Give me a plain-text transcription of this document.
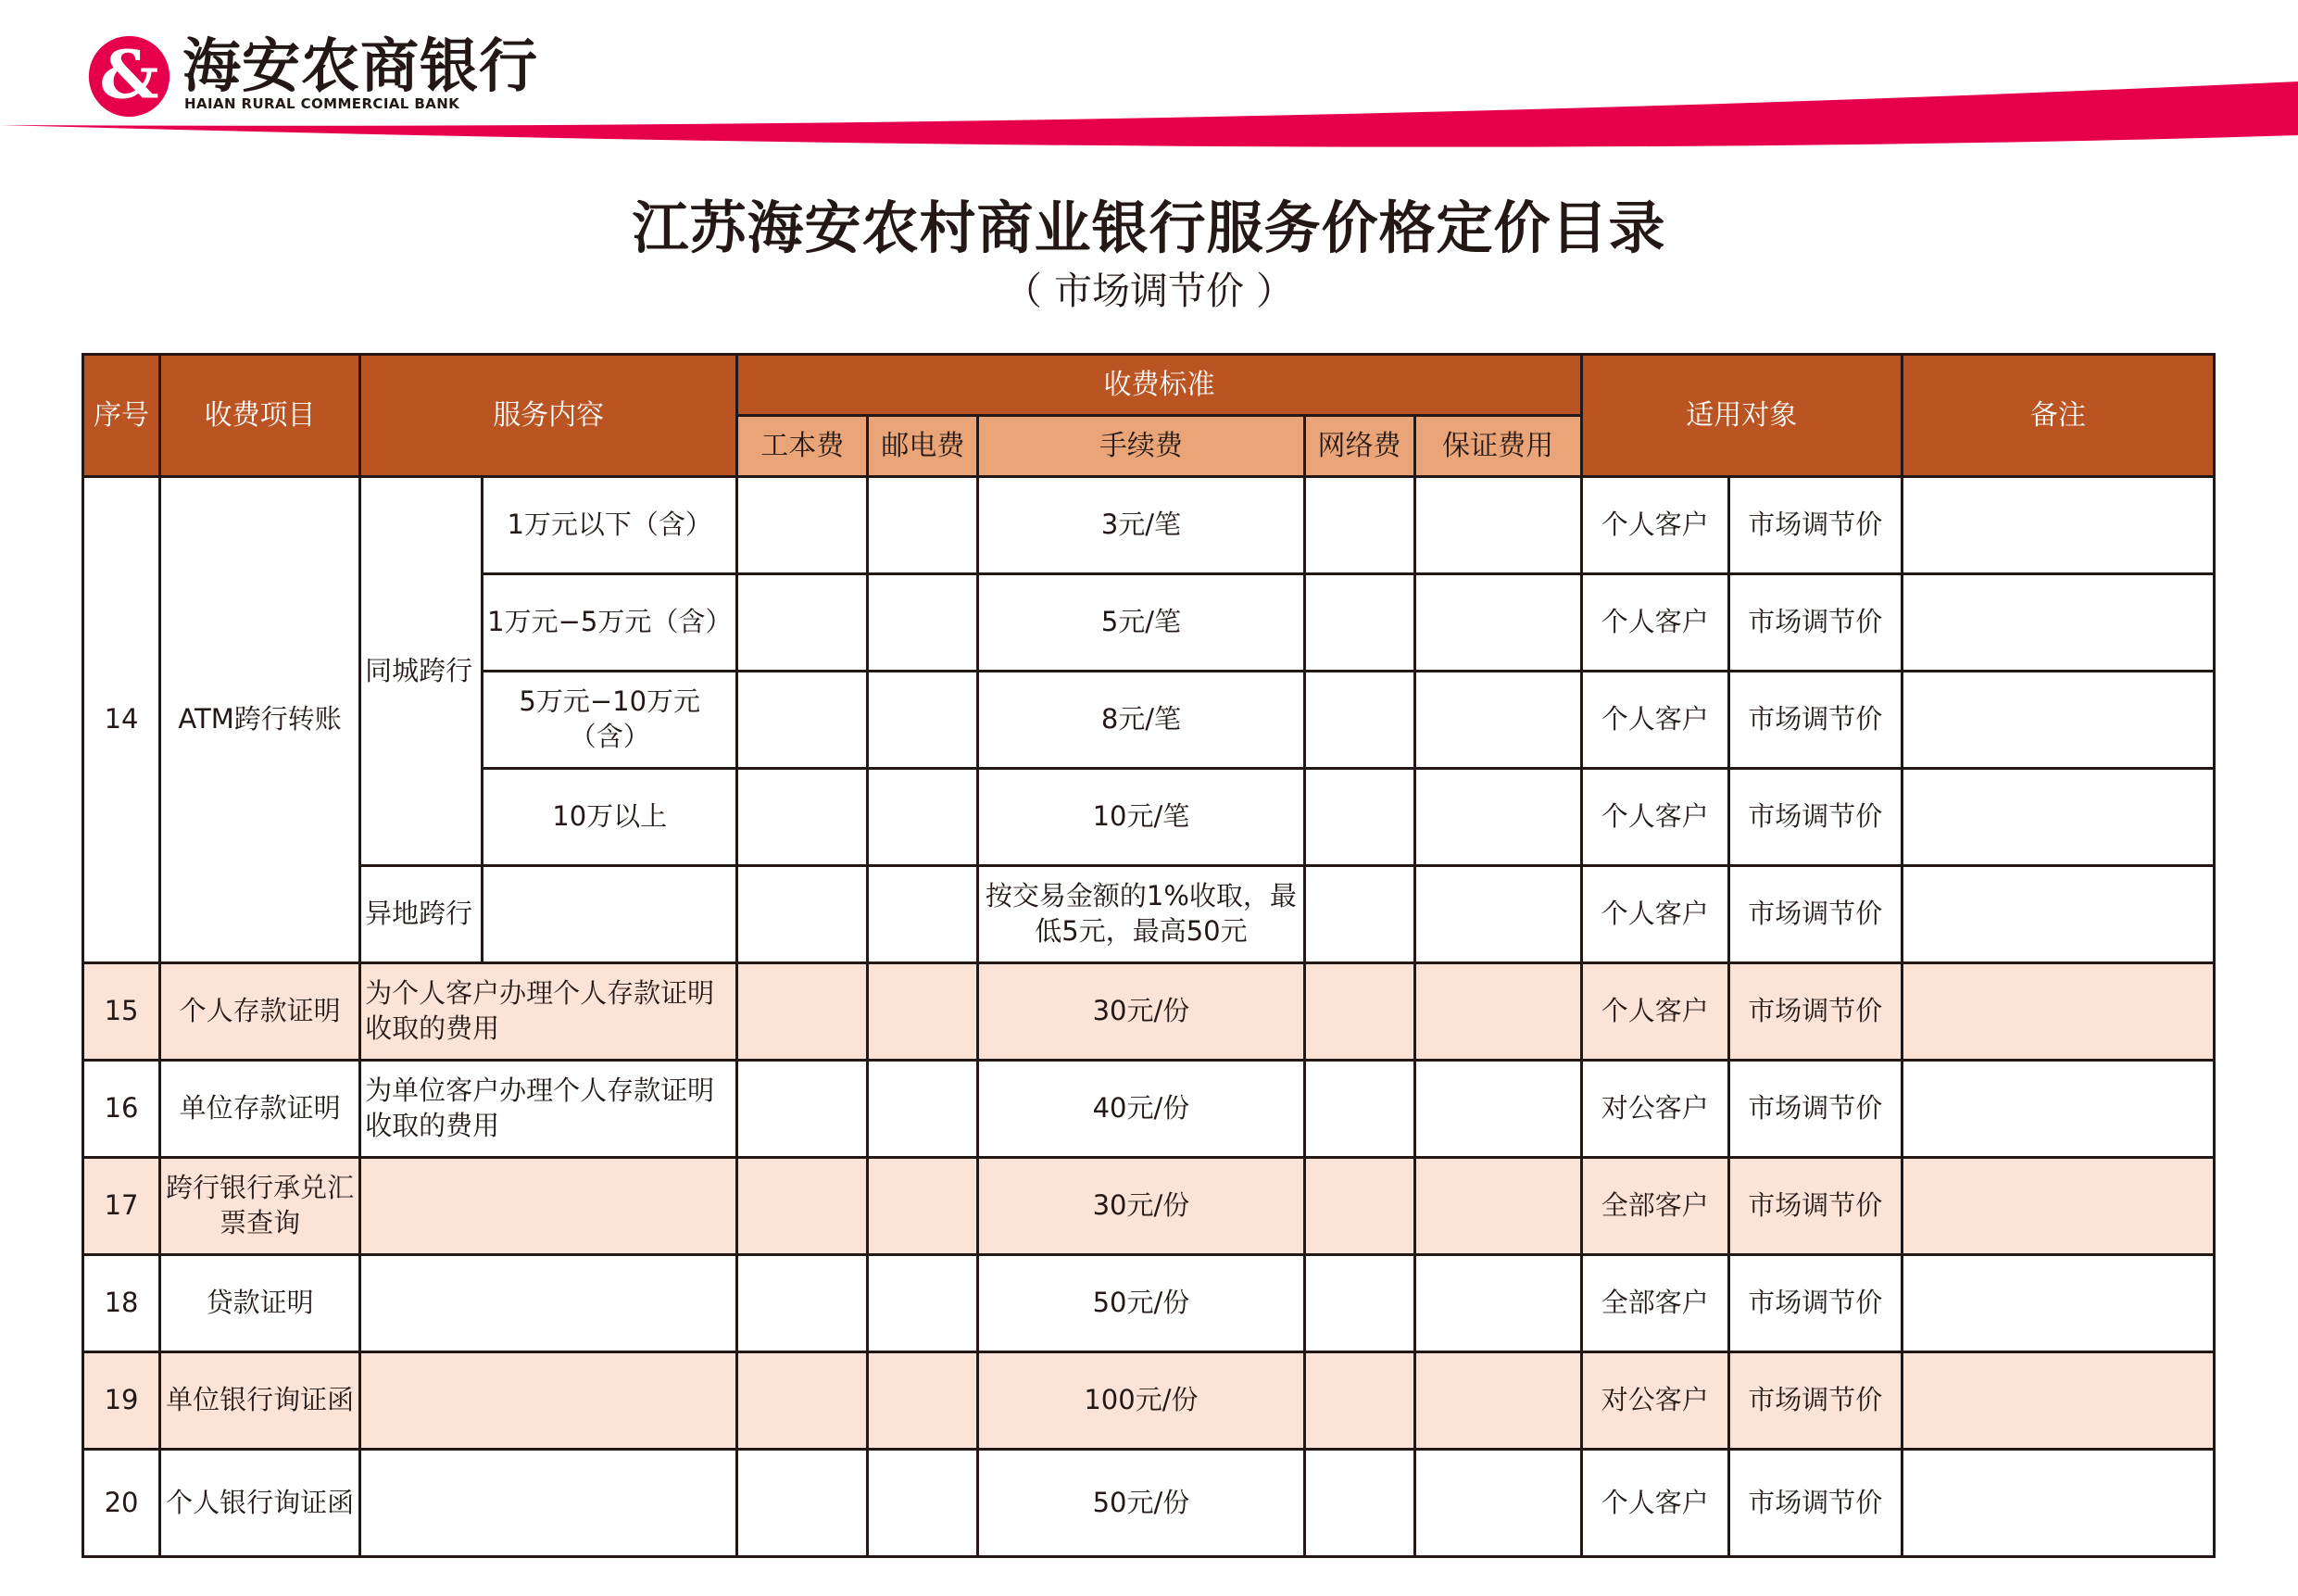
& 海安农商银行
HAIAN RURAL COMMERCIAL BANK
江苏海安农村商业银行服务价格定价目录
（ 市场调节价 ）
序号	收费项目	服务内容		收费标准					适用对象		备注
				工本费	邮电费	手续费	网络费	保证费用			
14	ATM跨行转账	同城跨行	1万元以下（含）			3元/笔			个人客户	市场调节价	
			1万元−5万元（含）			5元/笔			个人客户	市场调节价	
			5万元−10万元（含）			8元/笔			个人客户	市场调节价	
			10万以上			10元/笔			个人客户	市场调节价	
		异地跨行				按交易金额的1%收取，最低5元，最高50元			个人客户	市场调节价	
15	个人存款证明	为个人客户办理个人存款证明收取的费用				30元/份			个人客户	市场调节价	
16	单位存款证明	为单位客户办理个人存款证明收取的费用				40元/份			对公客户	市场调节价	
17	跨行银行承兑汇票查询					30元/份			全部客户	市场调节价	
18	贷款证明					50元/份			全部客户	市场调节价	
19	单位银行询证函					100元/份			对公客户	市场调节价	
20	个人银行询证函					50元/份			个人客户	市场调节价	
